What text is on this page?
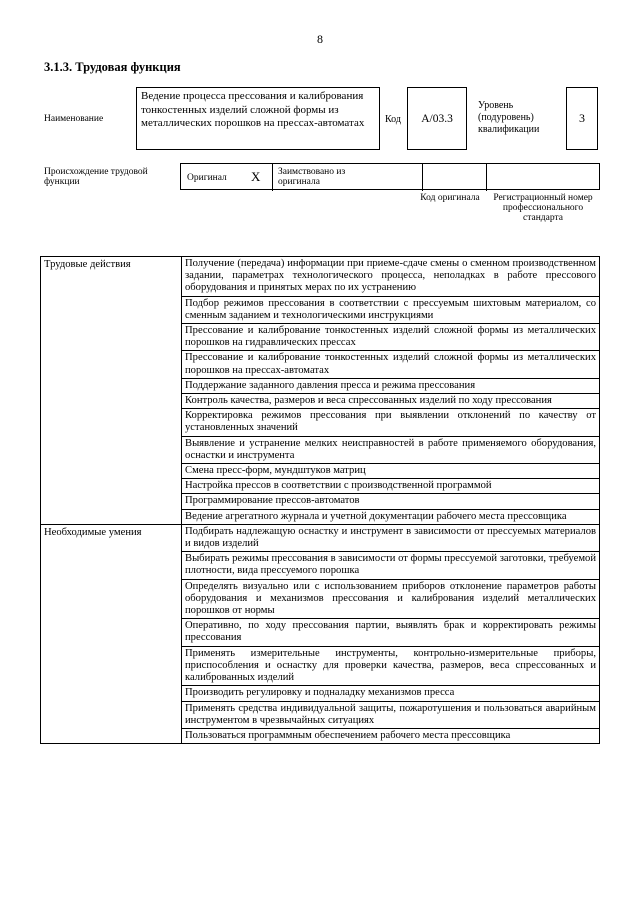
8
3.1.3. Трудовая функция
Наименование
Ведение процесса прессования и калибрования тонкостенных изделий сложной формы из металлических порошков на прессах-автоматах	Код A/03.3
Уровень (подуровень) квалификации
3
Происхождение трудовой функции	Оригинал X Заимствовано из оригинала
Код оригинала	Регистрационный номер профессионального стандарта
Трудовые действия	Получение (передача) информации при приеме-сдаче смены о сменном производственном задании, параметрах технологического процесса, неполадках в работе прессового оборудования и принятых мерах по их устранению
	Подбор режимов прессования в соответствии с прессуемым шихтовым материалом, со сменным заданием и технологическими инструкциями
	Прессование и калибрование тонкостенных изделий сложной формы из металлических порошков на гидравлических прессах
	Прессование и калибрование тонкостенных изделий сложной формы из металлических порошков на прессах-автоматах
	Поддержание заданного давления пресса и режима прессования
	Контроль качества, размеров и веса спрессованных изделий по ходу прессования
	Корректировка режимов прессования при выявлении отклонений по качеству от установленных значений
	Выявление и устранение мелких неисправностей в работе применяемого оборудования, оснастки и инструмента
	Смена пресс-форм, мундштуков матриц
	Настройка прессов в соответствии с производственной программой
	Программирование прессов-автоматов
	Ведение агрегатного журнала и учетной документации рабочего места прессовщика
Необходимые умения	Подбирать надлежащую оснастку и инструмент в зависимости от прессуемых материалов и видов изделий
	Выбирать режимы прессования в зависимости от формы прессуемой заготовки, требуемой плотности, вида прессуемого порошка
	Определять визуально или с использованием приборов отклонение параметров работы оборудования и механизмов прессования и калибрования изделий металлических порошков от нормы
	Оперативно, по ходу прессования партии, выявлять брак и корректировать режимы прессования
	Применять измерительные инструменты, контрольно-измерительные приборы, приспособления и оснастку для проверки качества, размеров, веса спрессованных и калиброванных изделий
	Производить регулировку и подналадку механизмов пресса
	Применять средства индивидуальной защиты, пожаротушения и пользоваться аварийным инструментом в чрезвычайных ситуациях
	Пользоваться программным обеспечением рабочего места прессовщика
